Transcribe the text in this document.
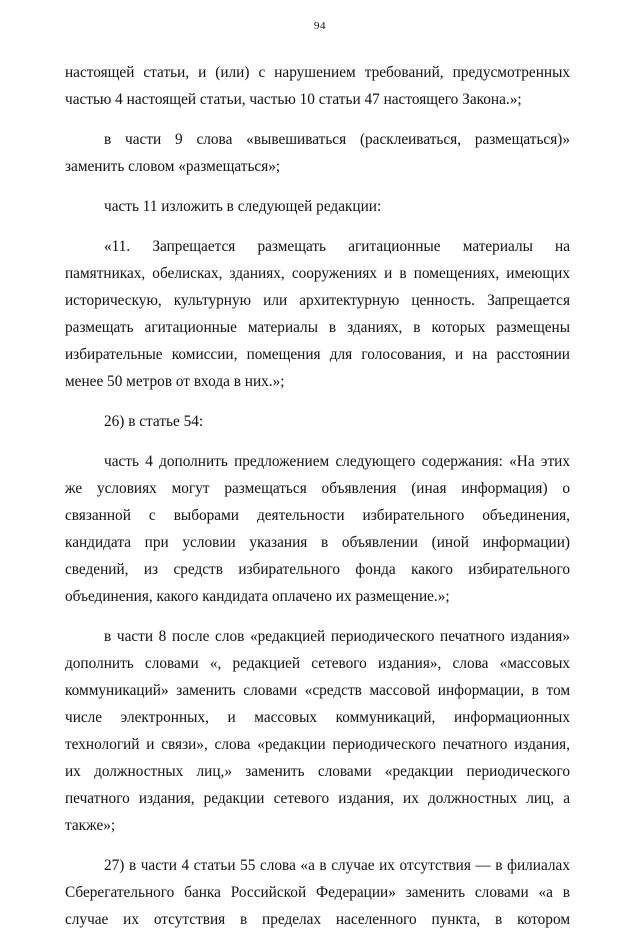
94
настоящей статьи, и (или) с нарушением требований, предусмотренных
частью 4 настоящей статьи, частью 10 статьи 47 настоящего Закона.»;
в части 9 слова «вывешиваться (расклеиваться, размещаться)»
заменить словом «размещаться»;
часть 11 изложить в следующей редакции:
«11. Запрещается размещать агитационные материалы на
памятниках, обелисках, зданиях, сооружениях и в помещениях, имеющих
историческую, культурную или архитектурную ценность. Запрещается
размещать агитационные материалы в зданиях, в которых размещены
избирательные комиссии, помещения для голосования, и на расстоянии
менее 50 метров от входа в них.»;
26) в статье 54:
часть 4 дополнить предложением следующего содержания: «На этих
же условиях могут размещаться объявления (иная информация) о
связанной с выборами деятельности избирательного объединения,
кандидата при условии указания в объявлении (иной информации)
сведений, из средств избирательного фонда какого избирательного
объединения, какого кандидата оплачено их размещение.»;
в части 8 после слов «редакцией периодического печатного издания»
дополнить словами «, редакцией сетевого издания», слова «массовых
коммуникаций» заменить словами «средств массовой информации, в том
числе электронных, и массовых коммуникаций, информационных
технологий и связи», слова «редакции периодического печатного издания,
их должностных лиц,» заменить словами «редакции периодического
печатного издания, редакции сетевого издания, их должностных лиц, а
также»;
27) в части 4 статьи 55 слова «а в случае их отсутствия — в филиалах
Сберегательного банка Российской Федерации» заменить словами «а в
случае их отсутствия в пределах населенного пункта, в котором
